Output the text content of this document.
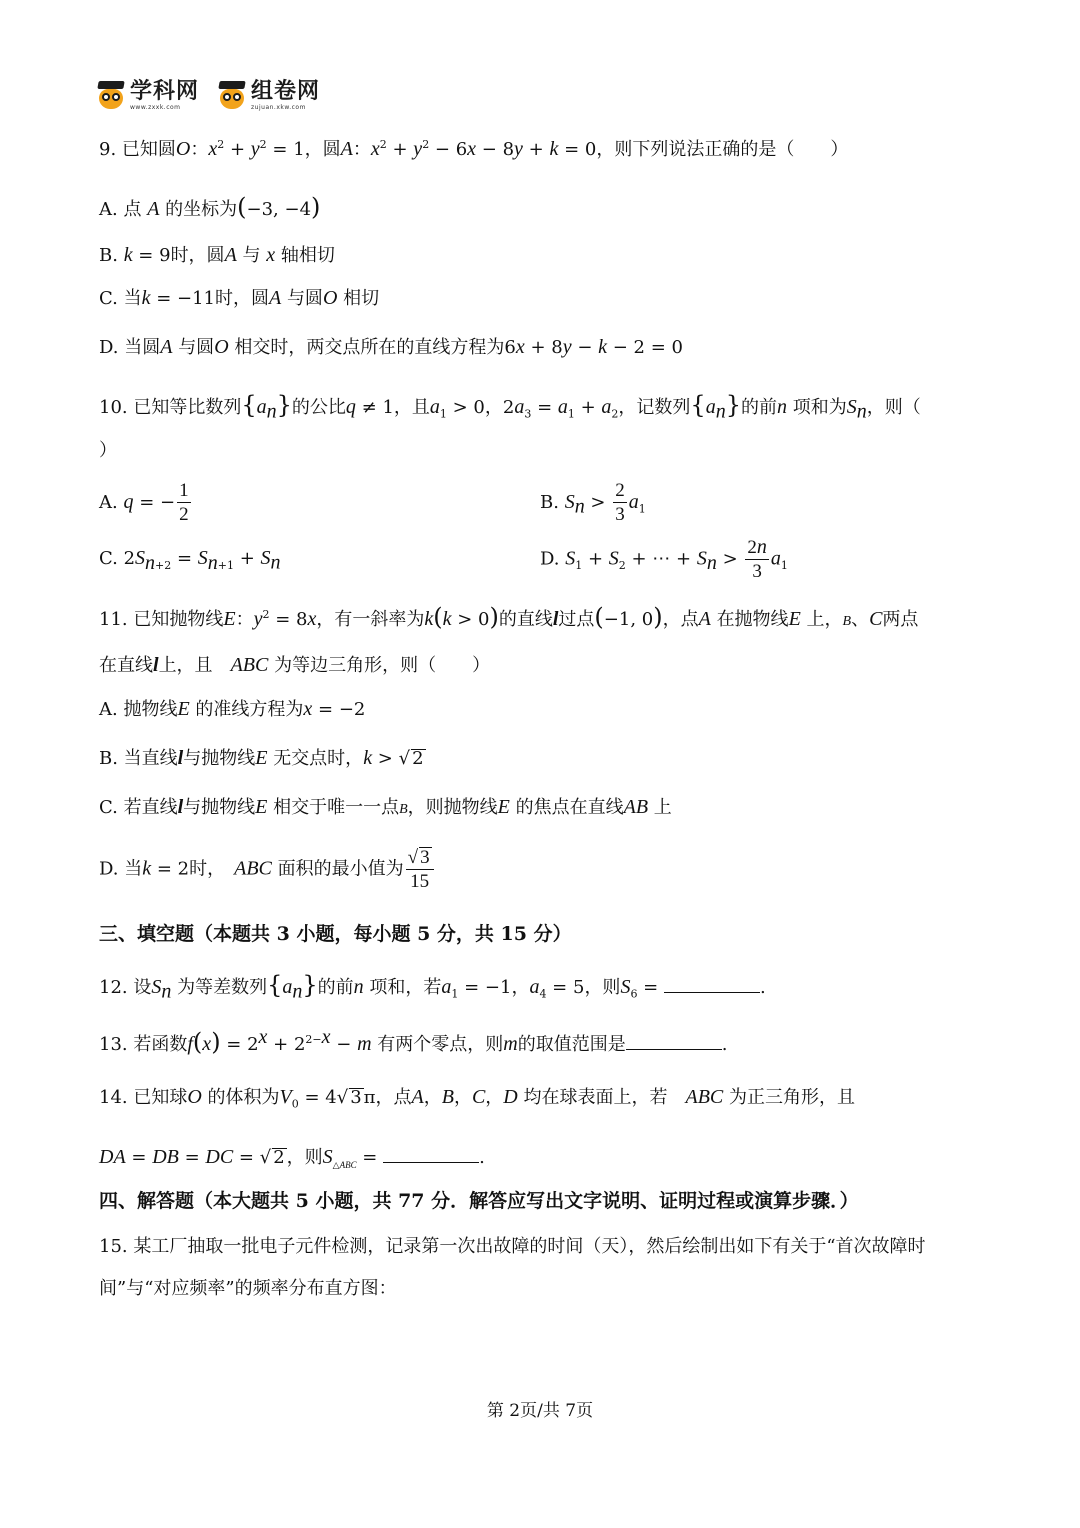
学科网
www.zxxk.com
组卷网
zujuan.xkw.com
9. 已知圆O：$x^2 + y^2 = 1$，圆A：$x^2 + y^2 - 6x - 8y + k = 0$，则下列说法正确的是（　　）
A. 点 A 的坐标为(−3, −4)
B. k = 9时，圆A 与 x 轴相切
C. 当k = −11时，圆A 与圆O 相切
D. 当圆A 与圆O 相交时，两交点所在的直线方程为6x + 8y − k − 2 = 0
10. 已知等比数列$\{a_n\}$的公比q ≠ 1，且$a_1 > 0$，$2a_3 = a_1 + a_2$，记数列$\{a_n\}$的前n 项和为$S_n$，则（
）
A. q = − $\frac{1}{2}$	B. $S_n > \frac{2}{3} a_1$
C. $2S_{n+2} = S_{n+1} + S_n$	D. $S_1 + S_2$ + ⋯ + $S_n > \frac{2n}{3} a_1$
11. 已知抛物线E：$y^2 = 8x$，有一斜率为k(k > 0)的直线l过点(−1, 0)，点A 在抛物线E 上，B、C两点
在直线l上，且　 ABC 为等边三角形，则（　　）
A. 抛物线E 的准线方程为x = −2
B. 当直线l与抛物线E 无交点时，k > √ 2
C. 若直线l与抛物线E 相交于唯一一点B，则抛物线E 的焦点在直线AB 上
D. 当k = 2时，　 ABC 面积的最小值为 $\frac{√ 3}{15}$
三、填空题（本题共 3 小题，每小题 5 分，共 15 分）
12. 设$S_n$ 为等差数列$\{a_n\}$的前n 项和，若$a_1 = -1$，$a_4 = 5$，则$S_6$ =	.
13. 若函数$f(x) = 2^x + 2^{2-x} - m$ 有两个零点，则m的取值范围是	.
14. 已知球O 的体积为$V_0 = 4√$ 3 π，点A，B，C，D 均在球表面上，若　 ABC 为正三角形，且
DA = DB = DC = √ 2 ，则$S_{\triangle ABC}$ =	.
四、解答题（本大题共 5 小题，共 77 分．解答应写出文字说明、证明过程或演算步骤．）
15. 某工厂抽取一批电子元件检测，记录第一次出故障的时间（天），然后绘制出如下有关于“首次故障时
间”与“对应频率”的频率分布直方图：
第 2页/共 7页
